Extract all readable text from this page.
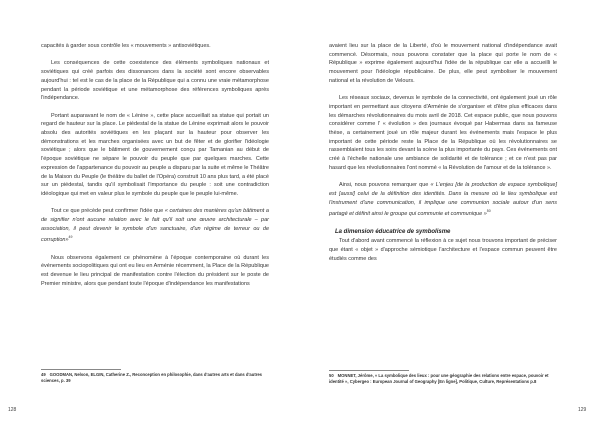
capacités à garder sous contrôle les « mouvements » antisoviétiques.

Les conséquences de cette coexistence des éléments symboliques nationaux et soviétiques qui créé parfois des dissonances dans la société sont encore observables aujourd'hui : tel est le cas de la place de la République qui a connu une vraie métamorphose pendant la période soviétique et une métamorphose des références symboliques après l'indépendance.

Portant auparavant le nom de « Lénine », cette place accueillait sa statue qui portait un regard de hauteur sur la place. Le piédestal de la statue de Lénine exprimait alors le pouvoir absolu des autorités soviétiques en les plaçant sur la hauteur pour observer les démonstrations et les marches organisées avec un but de fêter et de glorifier l'idéologie soviétique ; alors que le bâtiment de gouvernement conçu par Tamanian au début de l'époque soviétique ne sépare le pouvoir du peuple que par quelques marches. Cette expression de l'appartenance du pouvoir au peuple a disparu par la suite et même le Théâtre de la Maison du Peuple (le théâtre du ballet de l'Opéra) construit 10 ans plus tard, a été placé sur un piédestal, tandis qu'il symbolisait l'importance du peuple : soit une contradiction idéologique qui met en valeur plus le symbole du peuple que le peuple lui-même.

Tout ce que précède peut confirmer l'idée que « certaines des manières qu'un bâtiment a de signifier n'ont aucune relation avec le fait qu'il soit une œuvre architecturale – par association, il peut devenir le symbole d'un sanctuaire, d'un régime de terreur ou de corruption»$^{49}$

Nous observons également ce phénomène à l'époque contemporaine où durant les événements sociopolitiques qui ont eu lieu en Arménie récemment, la Place de la République est devenue le lieu principal de manifestation contre l'élection du président sur le poste de Premier ministre, alors que pendant toute l'époque d'indépendance les manifestations

49 GOODMAN, Nelson, ELGIN, Catherine Z., Reconception en philosophie, dans d'autres arts et dans d'autres sciences, p. 39
128

avaient lieu sur la place de la Liberté, d'où le mouvement national d'indépendance avait commencé. Désormais, nous pouvons constater que la place qui porte le nom de « République » exprime également aujourd'hui l'idée de la république car elle a accueilli le mouvement pour l'idéologie républicaine. De plus, elle peut symboliser le mouvement national et la révolution de Velours.

Les réseaux sociaux, devenus le symbole de la connectivité, ont également joué un rôle important en permettant aux citoyens d'Arménie de s'organiser et d'être plus efficaces dans les démarches révolutionnaires du mois avril de 2018. Cet espace public, que nous pouvons considérer comme l' « évolution » des journaux évoqué par Habermas dans sa fameuse thèse, a certainement joué un rôle majeur durant les événements mais l'espace le plus important de cette période reste la Place de la République où les révolutionnaires se rassemblaient tous les soirs devant la scène la plus importante du pays. Ces événements ont créé à l'échelle nationale une ambiance de solidarité et de tolérance ; et ce n'est pas par hasard que les révolutionnaires l'ont nommé « la Révolution de l'amour et de la tolérance ».

Ainsi, nous pouvons remarquer que « L'enjeu [de la production de espace symbolique] est [aussi] celui de la définition des identités. Dans la mesure où le lieu symbolique est l'instrument d'une communication, il implique une communion sociale autour d'un sens partagé et définit ainsi le groupe qui communie et communique »$^{50}$

La dimension éducatrice de symbolisme

Tout d'abord avant commencé la réflexion à ce sujet nous trouvons important de préciser que étant « objet » d'approche sémiotique l'architecture et l'espace commun peuvent être étudiés comme des

50 MONNET, Jérôme, « La symbolique des lieux : pour une géographie des relations entre espace, pouvoir et identité », Cybergeo : European Journal of Geography [En ligne], Politique, Culture, Représentations p.8
129
